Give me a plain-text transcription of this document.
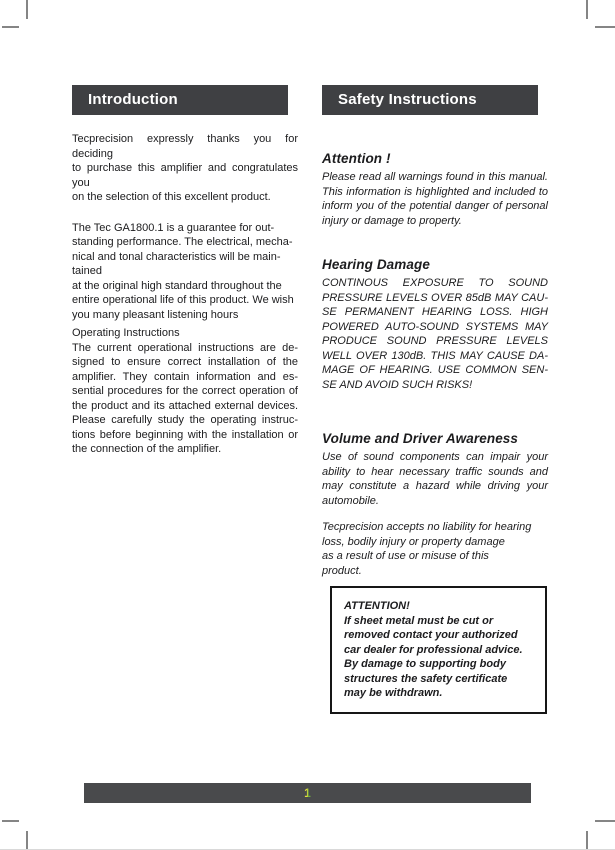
Introduction
Tecprecision expressly thanks you for deciding
to purchase this amplifier and congratulates you
on the selection of this excellent product.
The Tec GA1800.1 is a guarantee for out-
standing performance. The electrical, mecha-
nical and tonal characteristics will be main-tained
at the original high standard throughout the
entire operational life of this product. We wish
you many pleasant listening hours
Operating Instructions
The current operational instructions are de-
signed to ensure correct installation of the
amplifier. They contain information and es-
sential procedures for the correct operation of
the product and its attached external devices.
Please carefully study the operating instruc-
tions before beginning with the installation or
the connection of the amplifier.
Safety Instructions
Attention !
Please read all warnings found in this manual.
This information is highlighted and included to
inform you of the potential danger of personal
injury or damage to property.
Hearing Damage
CONTINOUS EXPOSURE TO SOUND
PRESSURE LEVELS OVER 85dB MAY CAU-
SE PERMANENT HEARING LOSS. HIGH
POWERED AUTO-SOUND SYSTEMS MAY
PRODUCE SOUND PRESSURE LEVELS
WELL OVER 130dB. THIS MAY CAUSE DA-
MAGE OF HEARING. USE COMMON SEN-
SE AND AVOID SUCH RISKS!
Volume and Driver Awareness
Use of sound components can impair your
ability to hear necessary traffic sounds and
may constitute a hazard while driving your
automobile.
Tecprecision accepts no liability for hearing
loss, bodily injury or property damage
as a result of use or misuse of this
product.
ATTENTION!
If sheet metal must be cut or
removed contact your authorized
car dealer for professional advice.
By damage to supporting body
structures the safety certificate
may be withdrawn.
1
